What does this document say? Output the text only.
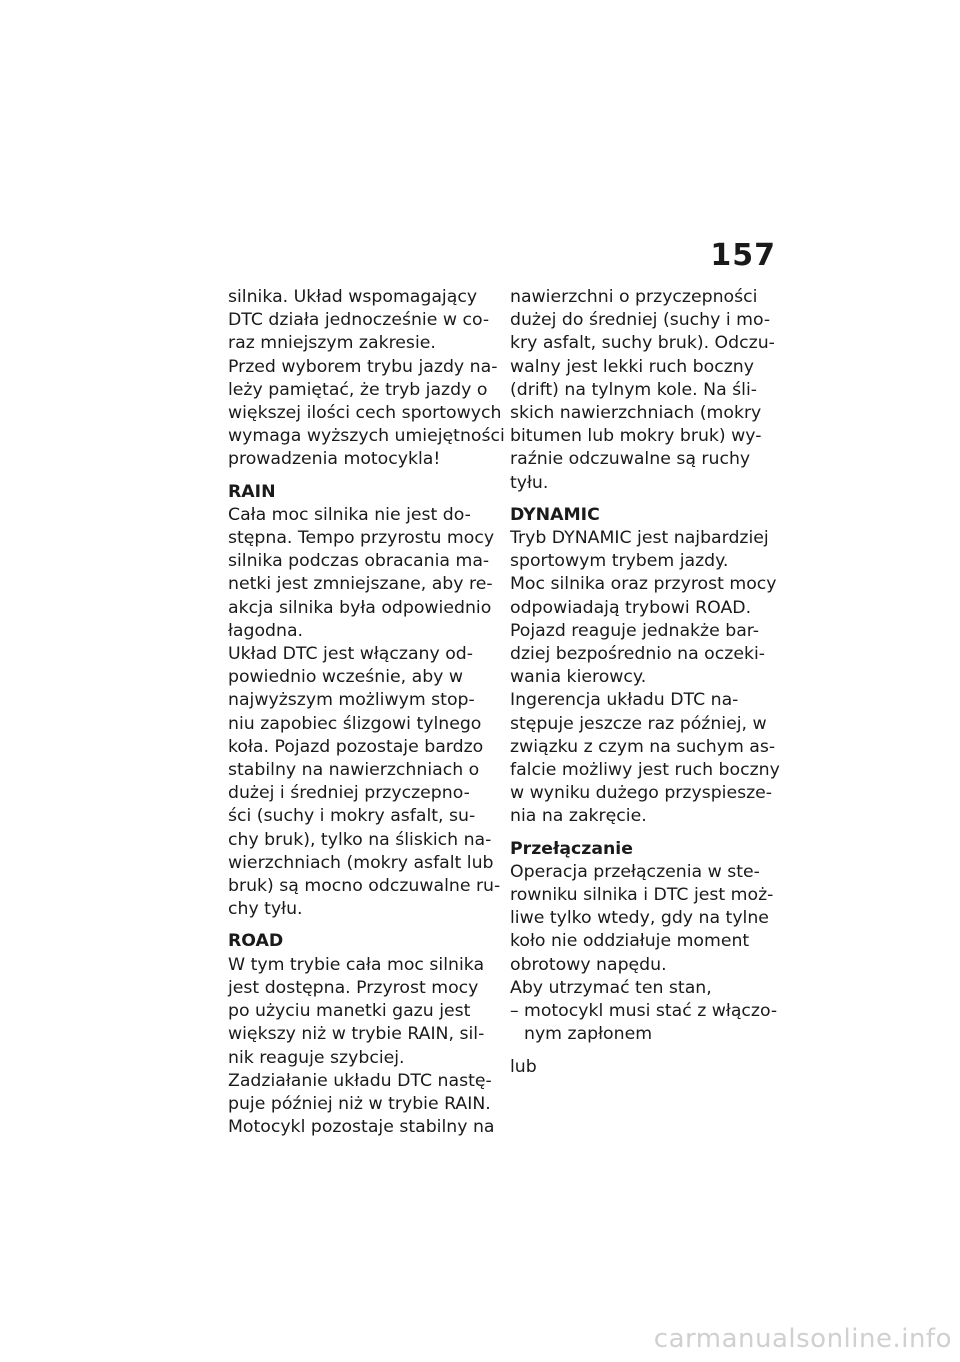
157
silnika. Układ wspomagający
DTC działa jednocześnie w co-
raz mniejszym zakresie.
Przed wyborem trybu jazdy na-
leży pamiętać, że tryb jazdy o
większej ilości cech sportowych
wymaga wyższych umiejętności
prowadzenia motocykla!
RAIN
Cała moc silnika nie jest do-
stępna. Tempo przyrostu mocy
silnika podczas obracania ma-
netki jest zmniejszane, aby re-
akcja silnika była odpowiednio
łagodna.
Układ DTC jest włączany od-
powiednio wcześnie, aby w
najwyższym możliwym stop-
niu zapobiec ślizgowi tylnego
koła. Pojazd pozostaje bardzo
stabilny na nawierzchniach o
dużej i średniej przyczepno-
ści (suchy i mokry asfalt, su-
chy bruk), tylko na śliskich na-
wierzchniach (mokry asfalt lub
bruk) są mocno odczuwalne ru-
chy tyłu.
ROAD
W tym trybie cała moc silnika
jest dostępna. Przyrost mocy
po użyciu manetki gazu jest
większy niż w trybie RAIN, sil-
nik reaguje szybciej.
Zadziałanie układu DTC nastę-
puje później niż w trybie RAIN.
Motocykl pozostaje stabilny na
nawierzchni o przyczepności
dużej do średniej (suchy i mo-
kry asfalt, suchy bruk). Odczu-
walny jest lekki ruch boczny
(drift) na tylnym kole. Na śli-
skich nawierzchniach (mokry
bitumen lub mokry bruk) wy-
raźnie odczuwalne są ruchy
tyłu.
DYNAMIC
Tryb DYNAMIC jest najbardziej
sportowym trybem jazdy.
Moc silnika oraz przyrost mocy
odpowiadają trybowi ROAD.
Pojazd reaguje jednakże bar-
dziej bezpośrednio na oczeki-
wania kierowcy.
Ingerencja układu DTC na-
stępuje jeszcze raz później, w
związku z czym na suchym as-
falcie możliwy jest ruch boczny
w wyniku dużego przyspiesze-
nia na zakręcie.
Przełączanie
Operacja przełączenia w ste-
rowniku silnika i DTC jest moż-
liwe tylko wtedy, gdy na tylne
koło nie oddziałuje moment
obrotowy napędu.
Aby utrzymać ten stan,
– motocykl musi stać z włączo-
nym zapłonem
lub
carmanualsonline.info
